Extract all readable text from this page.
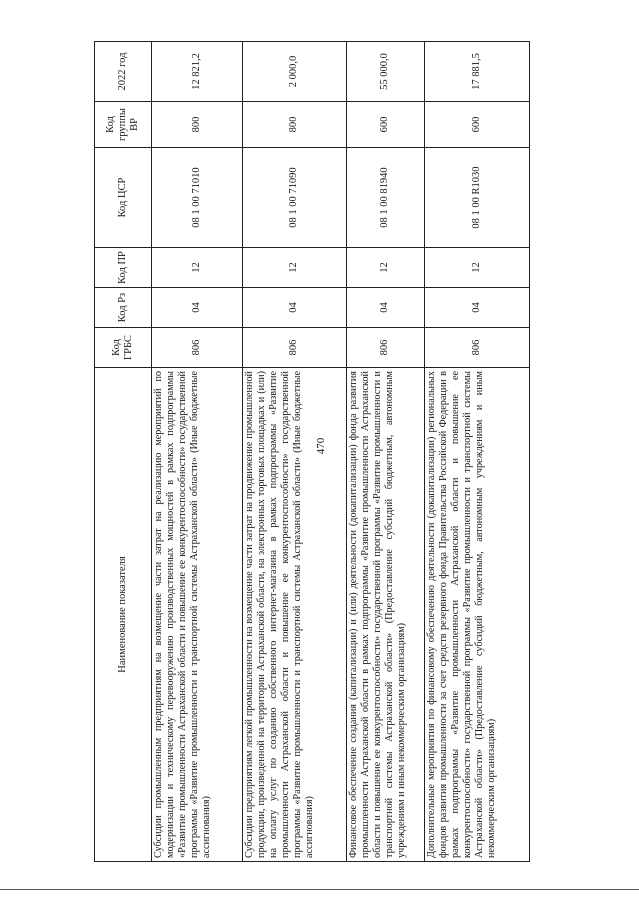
470
Наименование показателя	Код ГРБС	Код Рз	Код ПР	Код ЦСР	Код группы ВР	2022 год
Субсидии промышленным предприятиям на возмещение части затрат на реализацию мероприятий по модернизации и техническому перевооружению производственных мощностей в рамках подпрограммы «Развитие промышленности Астраханской области и повышение ее конкурентоспособности» государственной программы «Развитие промышленности и транспортной системы Астраханской области» (Иные бюджетные ассигнования)	806	04	12	08 1 00 71010	800	12 821,2
Субсидии предприятиям легкой промышленности на возмещение части затрат на продвижение промышленной продукции, произведенной на территории Астраханской области, на электронных торговых площадках и (или) на оплату услуг по созданию собственного интернет-магазина в рамках подпрограммы «Развитие промышленности Астраханской области и повышение ее конкурентоспособности» государственной программы «Развитие промышленности и транспортной системы Астраханской области» (Иные бюджетные ассигнования)	806	04	12	08 1 00 71090	800	2 000,0
Финансовое обеспечение создания (капитализации) и (или) деятельности (докапитализации) фонда развития промышленности Астраханской области в рамках подпрограммы «Развитие промышленности Астраханской области и повышение ее конкурентоспособности» государственной программы «Развитие промышленности и транспортной системы Астраханской области» (Предоставление субсидий бюджетным, автономным учреждениям и иным некоммерческим организациям)	806	04	12	08 1 00 81940	600	55 000,0
Дополнительные мероприятия по финансовому обеспечению деятельности (докапитализации) региональных фондов развития промышленности за счет средств резервного фонда Правительства Российской Федерации в рамках подпрограммы «Развитие промышленности Астраханской области и повышение ее конкурентоспособности» государственной программы «Развитие промышленности и транспортной системы Астраханской области» (Предоставление субсидий бюджетным, автономным учреждениям и иным некоммерческим организациям)	806	04	12	08 1 00 R1030	600	17 881,5
